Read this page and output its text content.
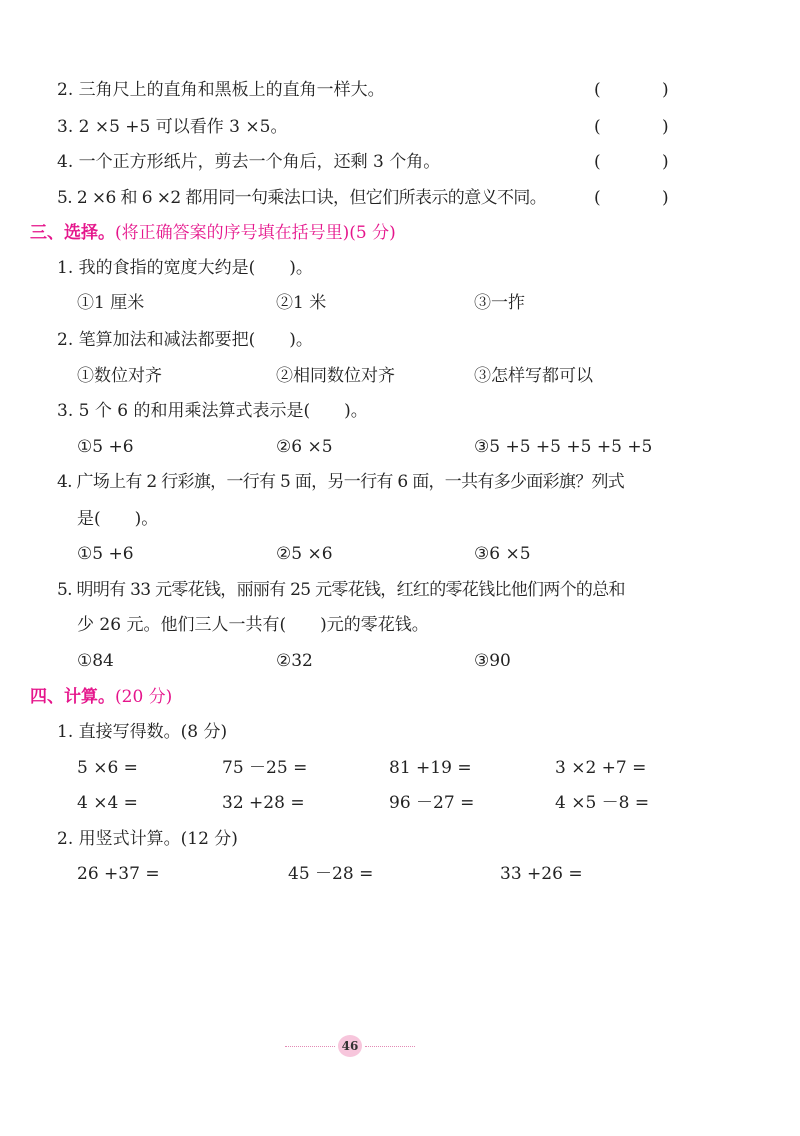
2. 三角尺上的直角和黑板上的直角一样大。	(	)
3. 2 ×5 +5 可以看作 3 ×5。	(	)
4. 一个正方形纸片，剪去一个角后，还剩 3 个角。	(	)
5. 2 ×6 和 6 ×2 都用同一句乘法口诀，但它们所表示的意义不同。	(	)
三、选择。(将正确答案的序号填在括号里)(5 分)
1. 我的食指的宽度大约是(　　)。
①1 厘米	②1 米	③一拃
2. 笔算加法和减法都要把(　　)。
①数位对齐	②相同数位对齐	③怎样写都可以
3. 5 个 6 的和用乘法算式表示是(　　)。
①5 +6	②6 ×5	③5 +5 +5 +5 +5 +5
4. 广场上有 2 行彩旗，一行有 5 面，另一行有 6 面，一共有多少面彩旗？列式
是(　　)。
①5 +6	②5 ×6	③6 ×5
5. 明明有 33 元零花钱，丽丽有 25 元零花钱，红红的零花钱比他们两个的总和
少 26 元。他们三人一共有(　　)元的零花钱。
①84	②32	③90
四、计算。(20 分)
1. 直接写得数。(8 分)
5 ×6 =	75 －25 =	81 +19 =	3 ×2 +7 =
4 ×4 =	32 +28 =	96 －27 =	4 ×5 －8 =
2. 用竖式计算。(12 分)
26 +37 =	45 －28 =	33 +26 =
46
